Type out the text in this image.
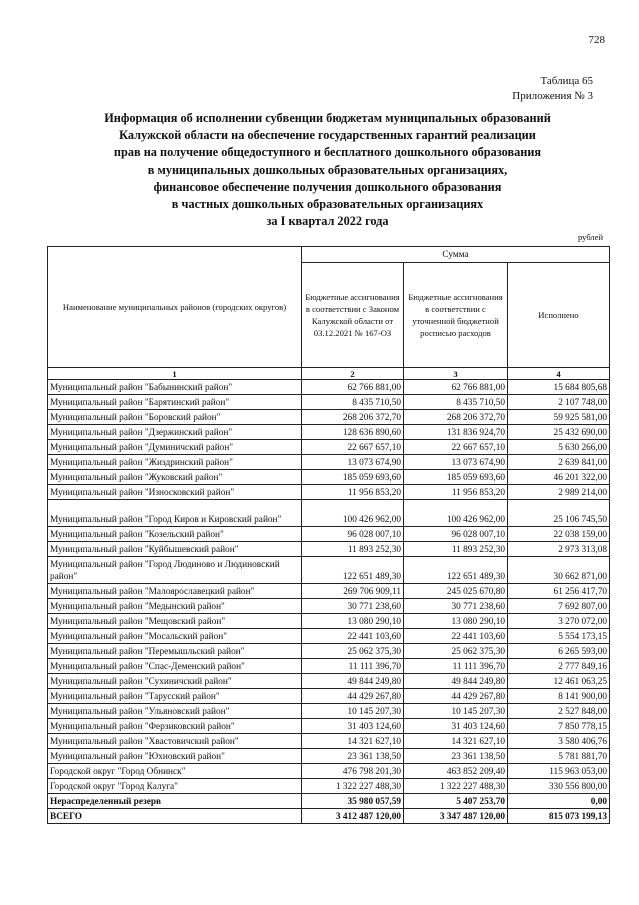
728
Таблица 65
Приложения № 3
Информация об исполнении субвенции бюджетам муниципальных образований
Калужской области на обеспечение государственных гарантий реализации
прав на получение общедоступного и бесплатного дошкольного образования
в муниципальных дошкольных образовательных организациях,
финансовое обеспечение получения дошкольного образования
в частных дошкольных образовательных организациях
за I квартал 2022 года
рублей
Наименование муниципальных районов (городских округов)	Сумма		
	Бюджетные ассигнования в соответствии с Законом Калужской области от 03.12.2021 № 167-ОЗ	Бюджетные ассигнования в соответствии с уточненной бюджетной росписью расходов	Исполнено
1	2	3	4
Муниципальный район "Бабынинский район"	62 766 881,00	62 766 881,00	15 684 805,68
Муниципальный район "Барятинский район"	8 435 710,50	8 435 710,50	2 107 748,00
Муниципальный район "Боровский район"	268 206 372,70	268 206 372,70	59 925 581,00
Муниципальный район "Дзержинский район"	128 636 890,60	131 836 924,70	25 432 690,00
Муниципальный район "Думиничский район"	22 667 657,10	22 667 657,10	5 630 266,00
Муниципальный район "Жиздринский район"	13 073 674,90	13 073 674,90	2 639 841,00
Муниципальный район "Жуковский район"	185 059 693,60	185 059 693,60	46 201 322,00
Муниципальный район "Износковский район"	11 956 853,20	11 956 853,20	2 989 214,00
Муниципальный район "Город Киров и Кировский район"	100 426 962,00	100 426 962,00	25 106 745,50
Муниципальный район "Козельский район"	96 028 007,10	96 028 007,10	22 038 159,00
Муниципальный район "Куйбышевский район"	11 893 252,30	11 893 252,30	2 973 313,08
Муниципальный район "Город Людиново и Людиновский район"	122 651 489,30	122 651 489,30	30 662 871,00
Муниципальный район "Малоярославецкий район"	269 706 909,11	245 025 670,80	61 256 417,70
Муниципальный район "Медынский район"	30 771 238,60	30 771 238,60	7 692 807,00
Муниципальный район "Мещовский район"	13 080 290,10	13 080 290,10	3 270 072,00
Муниципальный район "Мосальский район"	22 441 103,60	22 441 103,60	5 554 173,15
Муниципальный район "Перемышльский район"	25 062 375,30	25 062 375,30	6 265 593,00
Муниципальный район "Спас-Деменский район"	11 111 396,70	11 111 396,70	2 777 849,16
Муниципальный район "Сухиничский район"	49 844 249,80	49 844 249,80	12 461 063,25
Муниципальный район "Тарусский район"	44 429 267,80	44 429 267,80	8 141 900,00
Муниципальный район "Ульяновский район"	10 145 207,30	10 145 207,30	2 527 848,00
Муниципальный район "Ферзиковский район"	31 403 124,60	31 403 124,60	7 850 778,15
Муниципальный район "Хвастовичский район"	14 321 627,10	14 321 627,10	3 580 406,76
Муниципальный район "Юхновский район"	23 361 138,50	23 361 138,50	5 781 881,70
Городской округ "Город Обнинск"	476 798 201,30	463 852 209,40	115 963 053,00
Городской округ "Город Калуга"	1 322 227 488,30	1 322 227 488,30	330 556 800,00
Нераспределенный резерв	35 980 057,59	5 407 253,70	0,00
ВСЕГО	3 412 487 120,00	3 347 487 120,00	815 073 199,13
